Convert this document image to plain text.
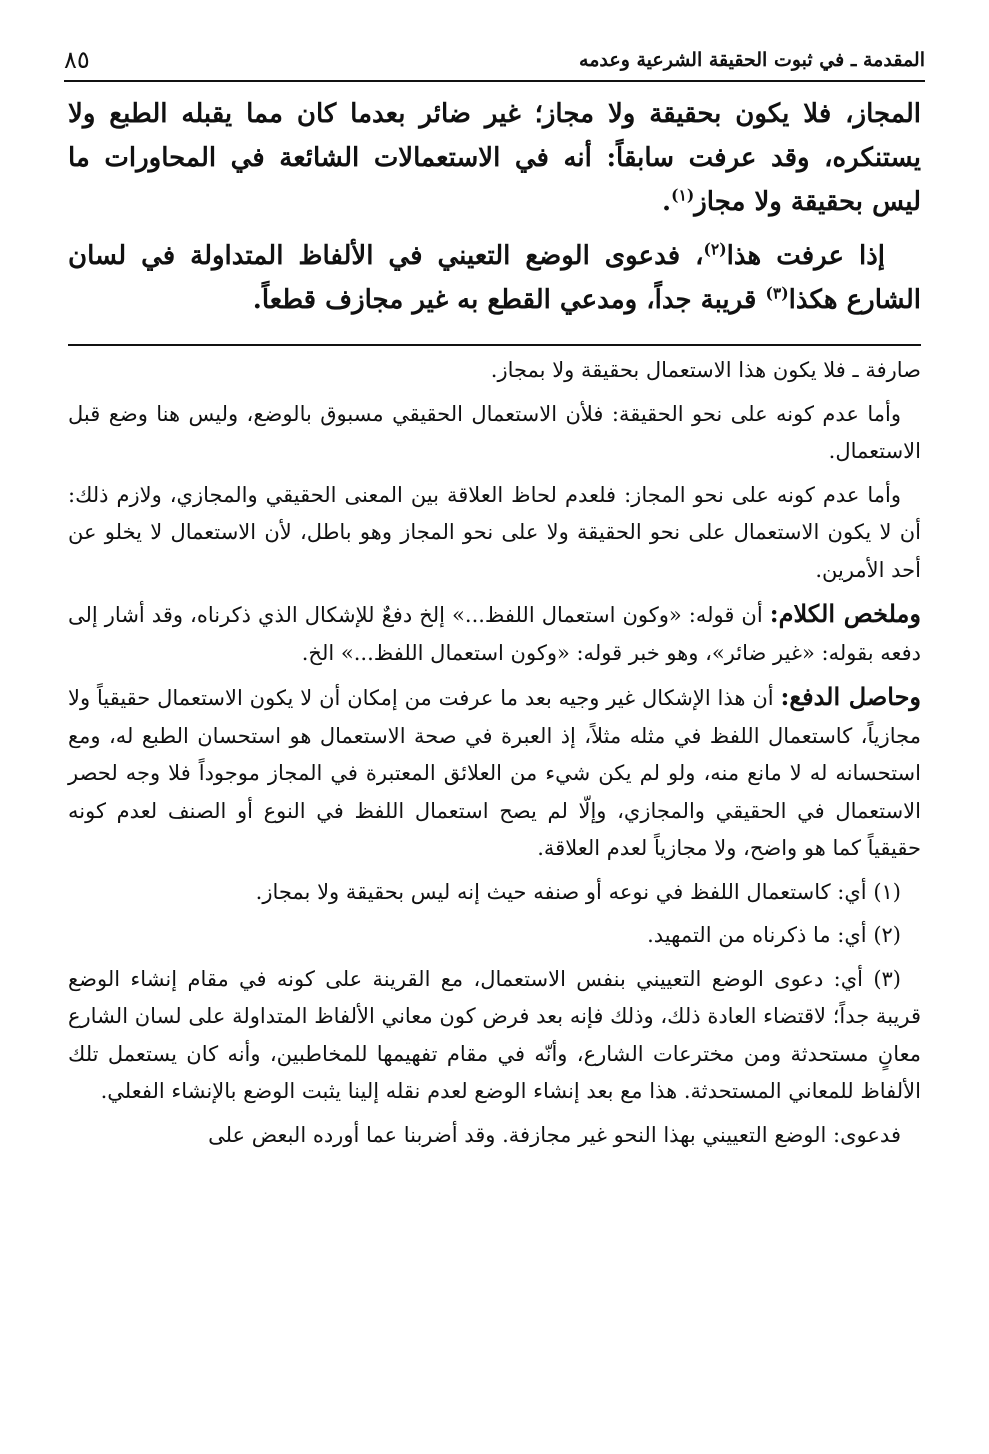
٨٥	المقدمة ـ في ثبوت الحقيقة الشرعية وعدمه

المجاز، فلا يكون بحقيقة ولا مجاز؛ غير ضائر بعدما كان مما يقبله الطبع ولا يستنكره، وقد عرفت سابقاً: أنه في الاستعمالات الشائعة في المحاورات ما ليس بحقيقة ولا مجاز$^{(١)}$.

إذا عرفت هذا$^{(٢)}$، فدعوى الوضع التعيني في الألفاظ المتداولة في لسان الشارع هكذا$^{(٣)}$ قريبة جداً، ومدعي القطع به غير مجازف قطعاً.

صارفة ـ فلا يكون هذا الاستعمال بحقيقة ولا بمجاز.

وأما عدم كونه على نحو الحقيقة: فلأن الاستعمال الحقيقي مسبوق بالوضع، وليس هنا وضع قبل الاستعمال.

وأما عدم كونه على نحو المجاز: فلعدم لحاظ العلاقة بين المعنى الحقيقي والمجازي، ولازم ذلك: أن لا يكون الاستعمال على نحو الحقيقة ولا على نحو المجاز وهو باطل، لأن الاستعمال لا يخلو عن أحد الأمرين.

وملخص الكلام: أن قوله: «وكون استعمال اللفظ...» إلخ دفعٌ للإشكال الذي ذكرناه، وقد أشار إلى دفعه بقوله: «غير ضائر»، وهو خبر قوله: «وكون استعمال اللفظ...» الخ.

وحاصل الدفع: أن هذا الإشكال غير وجيه بعد ما عرفت من إمكان أن لا يكون الاستعمال حقيقياً ولا مجازياً، كاستعمال اللفظ في مثله مثلاً، إذ العبرة في صحة الاستعمال هو استحسان الطبع له، ومع استحسانه له لا مانع منه، ولو لم يكن شيء من العلائق المعتبرة في المجاز موجوداً فلا وجه لحصر الاستعمال في الحقيقي والمجازي، وإلّا لم يصح استعمال اللفظ في النوع أو الصنف لعدم كونه حقيقياً كما هو واضح، ولا مجازياً لعدم العلاقة.

(١) أي: كاستعمال اللفظ في نوعه أو صنفه حيث إنه ليس بحقيقة ولا بمجاز.

(٢) أي: ما ذكرناه من التمهيد.

(٣) أي: دعوى الوضع التعييني بنفس الاستعمال، مع القرينة على كونه في مقام إنشاء الوضع قريبة جداً؛ لاقتضاء العادة ذلك، وذلك فإنه بعد فرض كون معاني الألفاظ المتداولة على لسان الشارع معانٍ مستحدثة ومن مخترعات الشارع، وأنّه في مقام تفهيمها للمخاطبين، وأنه كان يستعمل تلك الألفاظ للمعاني المستحدثة. هذا مع بعد إنشاء الوضع لعدم نقله إلينا يثبت الوضع بالإنشاء الفعلي.

فدعوى: الوضع التعييني بهذا النحو غير مجازفة. وقد أضربنا عما أورده البعض على
